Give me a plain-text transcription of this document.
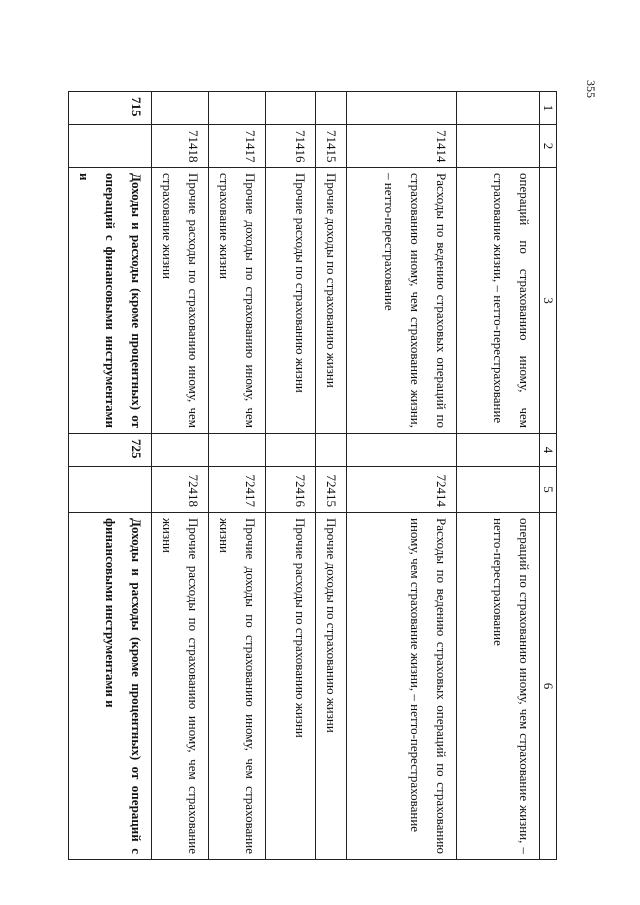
355
1	2	3	4	5	6
		операций по страхованию иному, чем страхование жизни, – нетто-перестрахование			операций по страхованию иному, чем страхование жизни, – нетто-перестрахование
	71414	Расходы по ведению страховых операций по страхованию иному, чем страхование жизни, – нетто-перестрахование		72414	Расходы по ведению страховых операций по страхованию иному, чем страхование жизни, – нетто-перестрахование
	71415	Прочие доходы по страхованию жизни		72415	Прочие доходы по страхованию жизни
	71416	Прочие расходы по страхованию жизни		72416	Прочие расходы по страхованию жизни
	71417	Прочие доходы по страхованию иному, чем страхование жизни		72417	Прочие доходы по страхованию иному, чем страхование жизни
	71418	Прочие расходы по страхованию иному, чем страхование жизни		72418	Прочие расходы по страхованию иному, чем страхование жизни
715		Доходы и расходы (кроме процентных) от операций с финансовыми инструментами и	725		Доходы и расходы (кроме процентных) от операций с финансовыми инструментами и
